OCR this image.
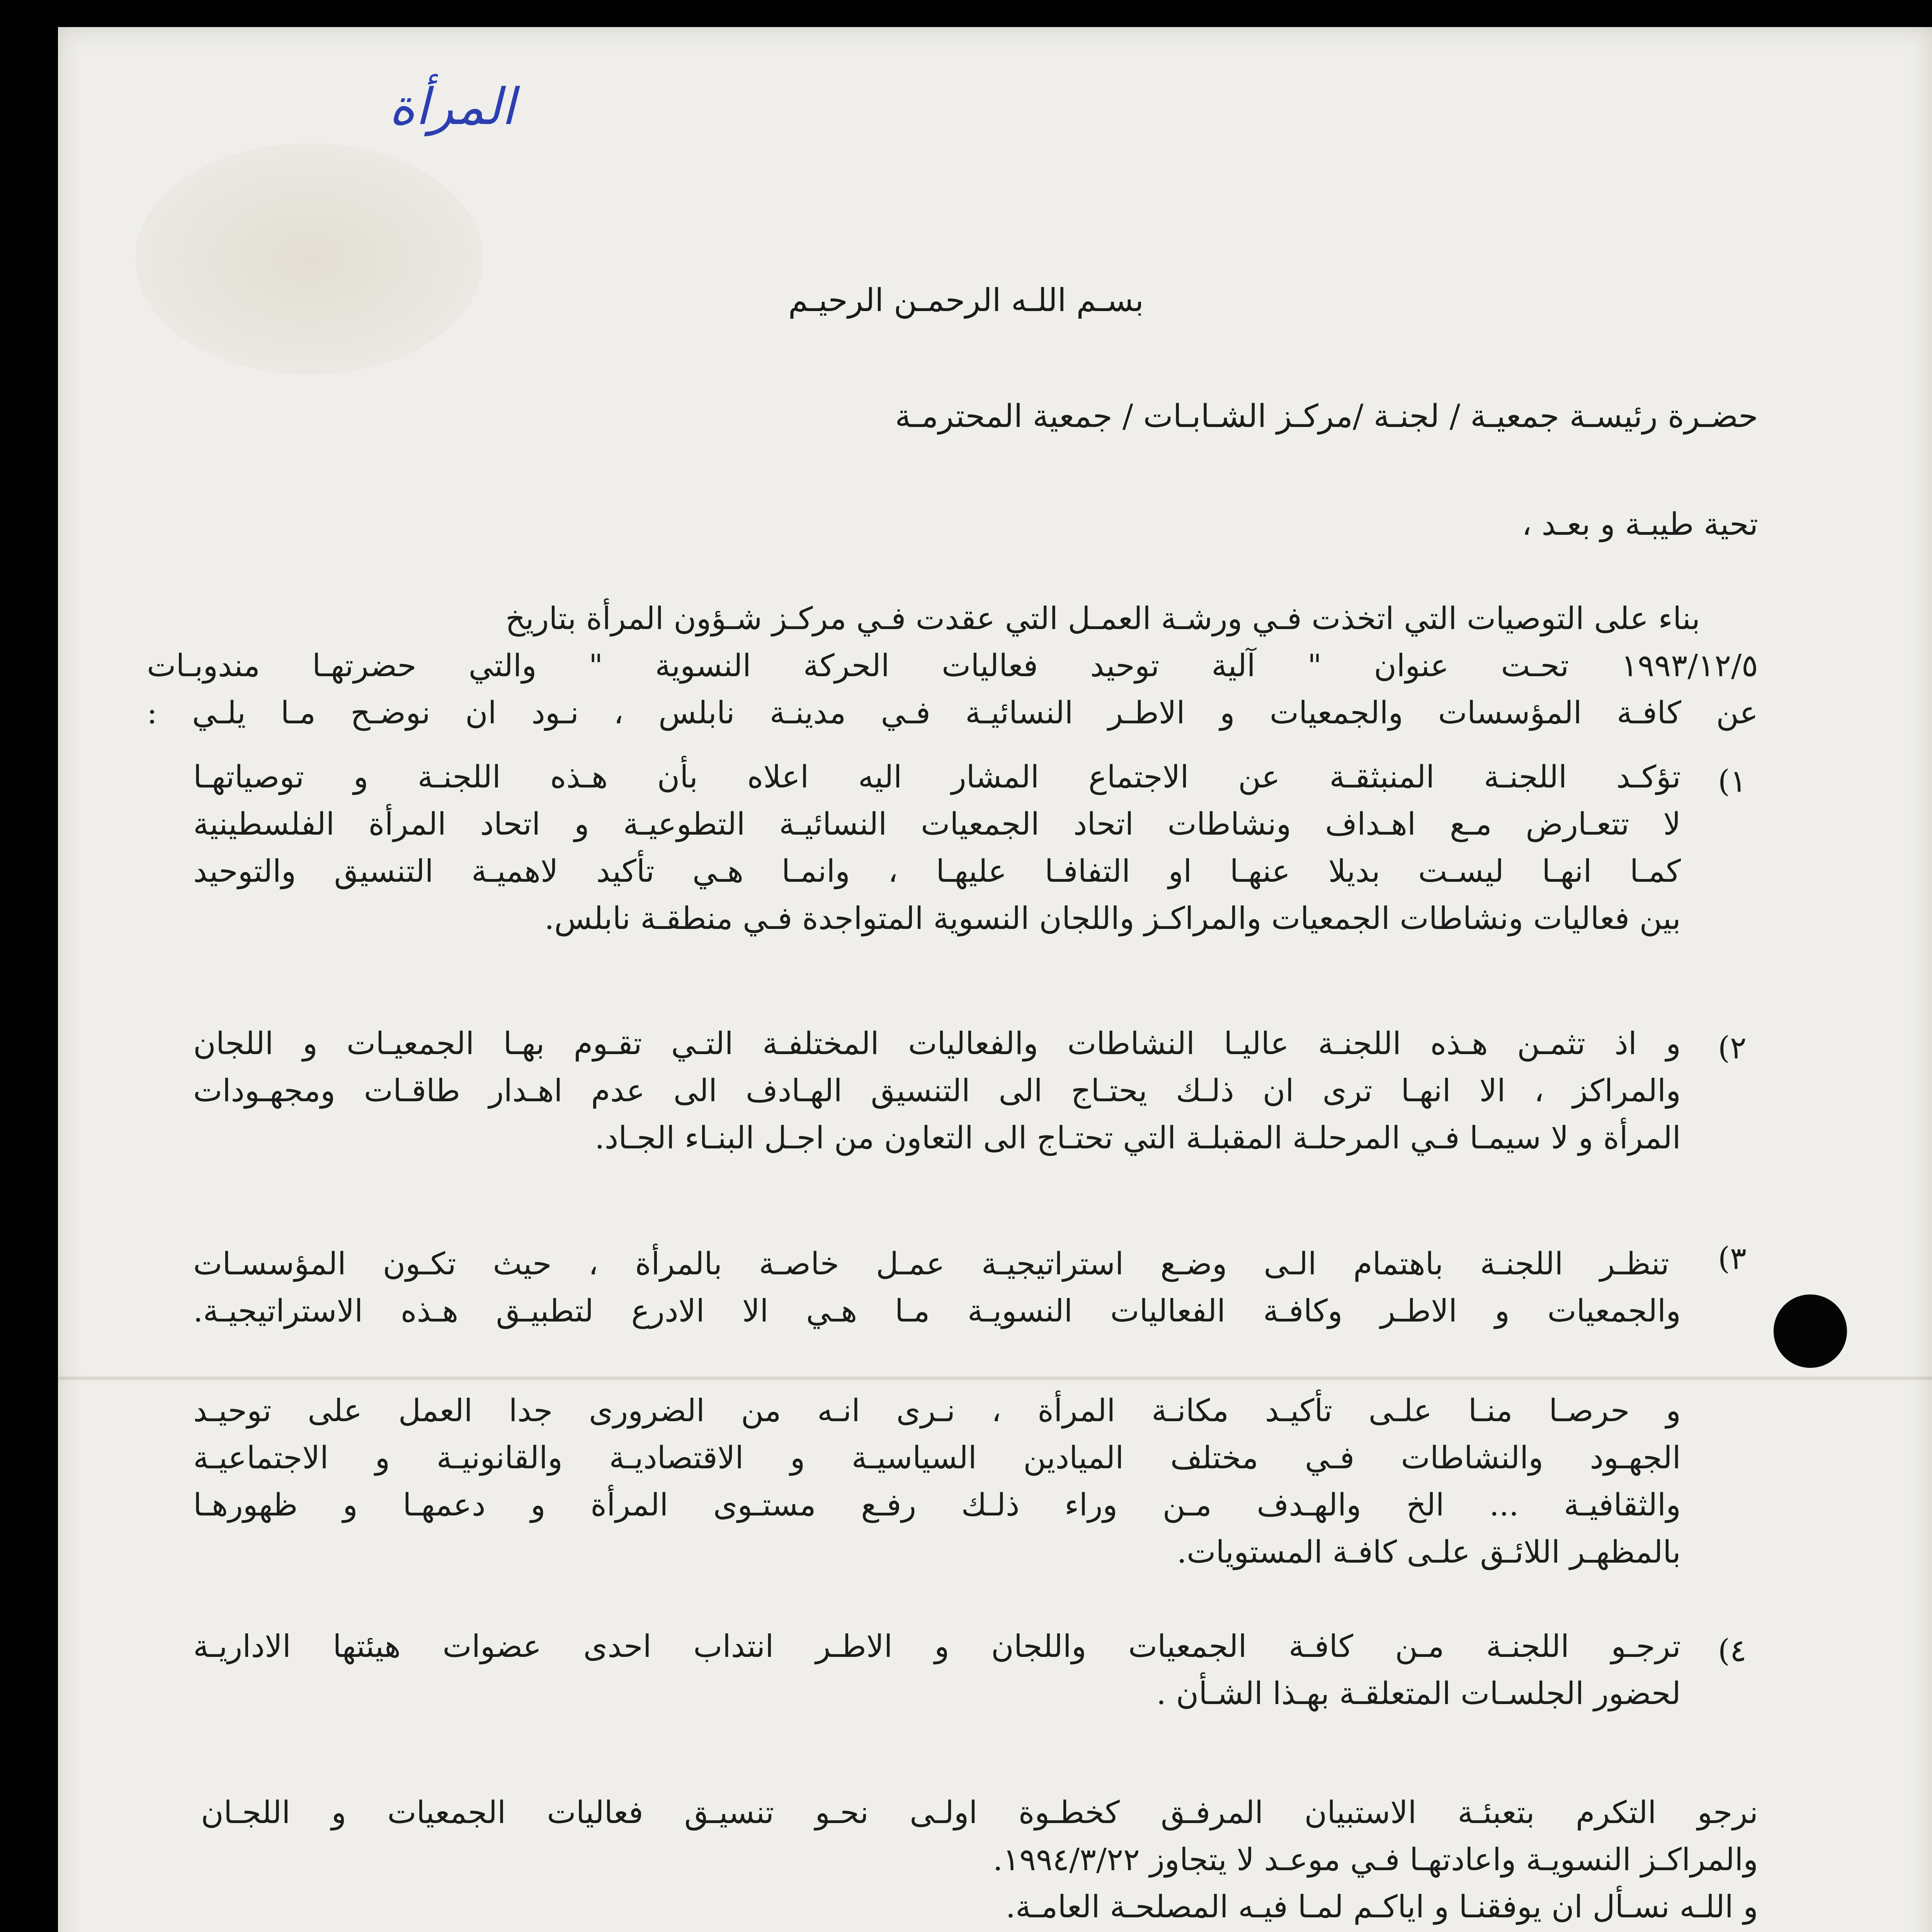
المرأة
بسـم اللـه الرحمـن الرحيـم
حضـرة رئيسـة جمعيـة / لجنـة /مركـز الشـابـات / جمعية المحترمـة
تحية طيبـة و بعـد ،
بناء على التوصيات التي اتخذت فـي ورشـة العمـل التي عقدت فـي مركـز شـؤون المرأة بتاريخ
١٩٩٣/١٢/٥ تحـت عنوان " آلية توحيد فعاليات الحركة النسوية " والتي حضرتهـا مندوبـات
عن كافـة المؤسسات والجمعيات و الاطـر النسائيـة فـي مدينـة نابلس ، نـود ان نوضـح مـا يلـي :
١)
تؤكـد اللجنـة المنبثقـة عن الاجتماع المشار اليه اعلاه بأن هـذه اللجنـة و توصياتهـا
لا تتعـارض مـع اهـداف ونشاطات اتحاد الجمعيات النسائيـة التطوعيـة و اتحاد المرأة الفلسطينية
كمـا انهـا ليسـت بديلا عنهـا او التفافـا عليهـا ، وانمـا هـي تأكيد لاهميـة التنسيق والتوحيد
بين فعاليات ونشاطات الجمعيات والمراكـز واللجان النسوية المتواجدة فـي منطقـة نابلس.
٢)
و اذ تثمـن هـذه اللجنـة عاليـا النشاطات والفعاليات المختلفـة التـي تقـوم بهـا الجمعيـات و اللجان
والمراكز ، الا انهـا ترى ان ذلـك يحتـاج الى التنسيق الهـادف الى عدم اهـدار طاقـات ومجهـودات
المرأة و لا سيمـا فـي المرحلـة المقبلـة التي تحتـاج الى التعاون من اجـل البنـاء الجـاد.
٣)
تنظـر اللجنـة باهتمام الـى وضـع استراتيجيـة عمـل خاصـة بالمرأة ، حيث تكـون المؤسسـات
والجمعيات و الاطـر وكافـة الفعاليات النسويـة مـا هـي الا الادرع لتطبيـق هـذه الاستراتيجيـة.
و حرصـا منـا علـى تأكيـد مكانـة المرأة ، نـرى انـه من الضرورى جدا العمل على توحيـد
الجهـود والنشاطات فـي مختلف الميادين السياسيـة و الاقتصاديـة والقانونيـة و الاجتماعيـة
والثقافيـة ... الخ والهـدف مـن وراء ذلـك رفـع مستـوى المرأة و دعمهـا و ظهورهـا
بالمظهـر اللائـق علـى كافـة المستويات.
٤)
ترجـو اللجنـة مـن كافـة الجمعيات واللجان و الاطـر انتداب احدى عضوات هيئتها الاداريـة
لحضور الجلسـات المتعلقـة بهـذا الشـأن .
نرجو التكرم بتعبئـة الاستبيان المرفـق كخطـوة اولـى نحـو تنسيـق فعاليات الجمعيات و اللجـان
والمراكـز النسويـة واعادتهـا فـي موعـد لا يتجاوز ١٩٩٤/٣/٢٢.
و اللـه نسـأل ان يوفقنـا و اياكـم لمـا فيـه المصلحـة العامـة.
